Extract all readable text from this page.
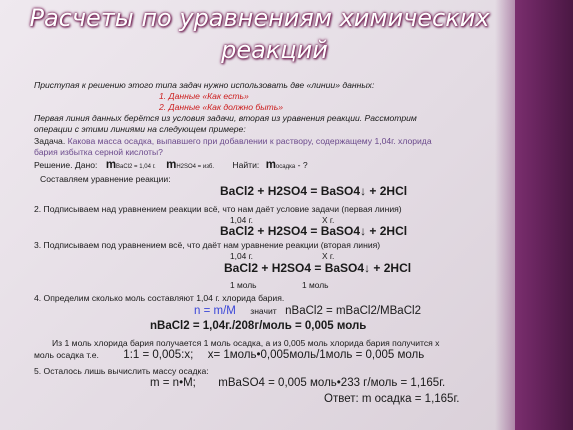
Расчеты по уравнениям химических
реакций
Приступая к решению этого типа задач нужно использовать две «линии» данных:
1. Данные «Как есть»
2. Данные «Как должно быть»
Первая линия данных берётся из условия задачи, вторая из уравнения реакции. Рассмотрим
операции с этими линиями на следующем примере:
Задача. Какова масса осадка, выпавшего при добавлении к раствору, содержащему 1,04г. хлорида
бария избытка серной кислоты?
Решение. Дано: mBaCl2 = 1,04 г. mH2SO4 = изб. Найти: mосадка - ?
Составляем уравнение реакции:
BaCl2 + H2SO4 = BaSO4↓ + 2HCl
2. Подписываем над уравнением реакции всё, что нам даёт условие задачи (первая линия)
1,04 г.	X г.
BaCl2 + H2SO4 = BaSO4↓ + 2HCl
3. Подписываем под уравнением всё, что даёт нам уравнение реакции (вторая линия)
1,04 г.	X г.
BaCl2 + H2SO4 = BaSO4↓ + 2HCl
1 моль	1 моль
4. Определим сколько моль составляют 1,04 г. хлорида бария.
n = m/M значит nBaCl2 = mBaCl2/MBaCl2
nBaCl2 = 1,04г./208г/моль = 0,005 моль
Из 1 моль хлорида бария получается 1 моль осадка, а из 0,005 моль хлорида бария получится х
моль осадка т.е. 1:1 = 0,005:x; x= 1моль•0,005моль/1моль = 0,005 моль
5. Осталось лишь вычислить массу осадка:
m = n•M; mBaSO4 = 0,005 моль•233 г/моль = 1,165г.
Ответ: m осадка = 1,165г.
